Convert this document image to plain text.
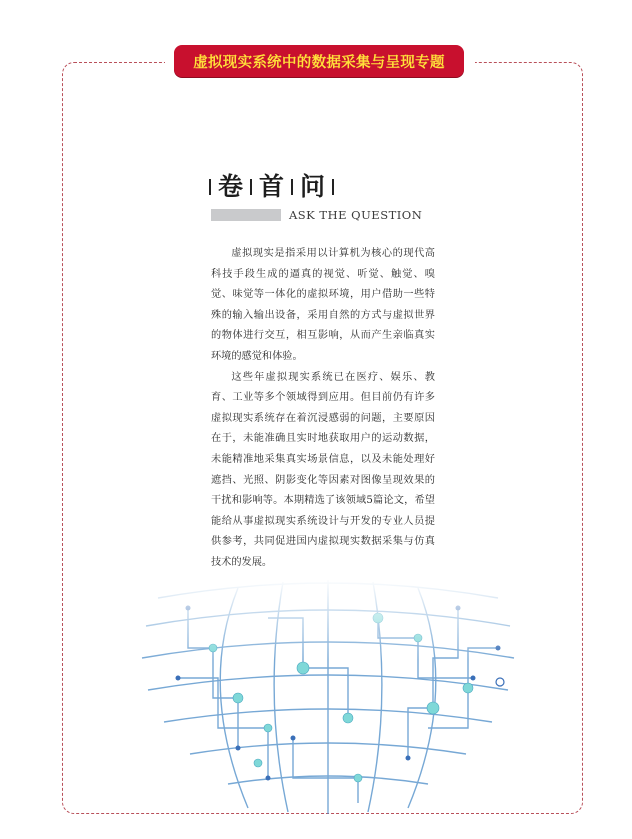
虚拟现实系统中的数据采集与呈现专题
卷 首 问
ASK THE QUESTION

虚拟现实是指采用以计算机为核心的现代高科技手段生成的逼真的视觉、听觉、触觉、嗅觉、味觉等一体化的虚拟环境，用户借助一些特殊的输入输出设备，采用自然的方式与虚拟世界的物体进行交互，相互影响，从而产生亲临真实环境的感觉和体验。

这些年虚拟现实系统已在医疗、娱乐、教育、工业等多个领域得到应用。但目前仍有许多虚拟现实系统存在着沉浸感弱的问题，主要原因在于，未能准确且实时地获取用户的运动数据，未能精准地采集真实场景信息，以及未能处理好遮挡、光照、阴影变化等因素对图像呈现效果的干扰和影响等。本期精选了该领域5篇论文，希望能给从事虚拟现实系统设计与开发的专业人员提供参考，共同促进国内虚拟现实数据采集与仿真技术的发展。
